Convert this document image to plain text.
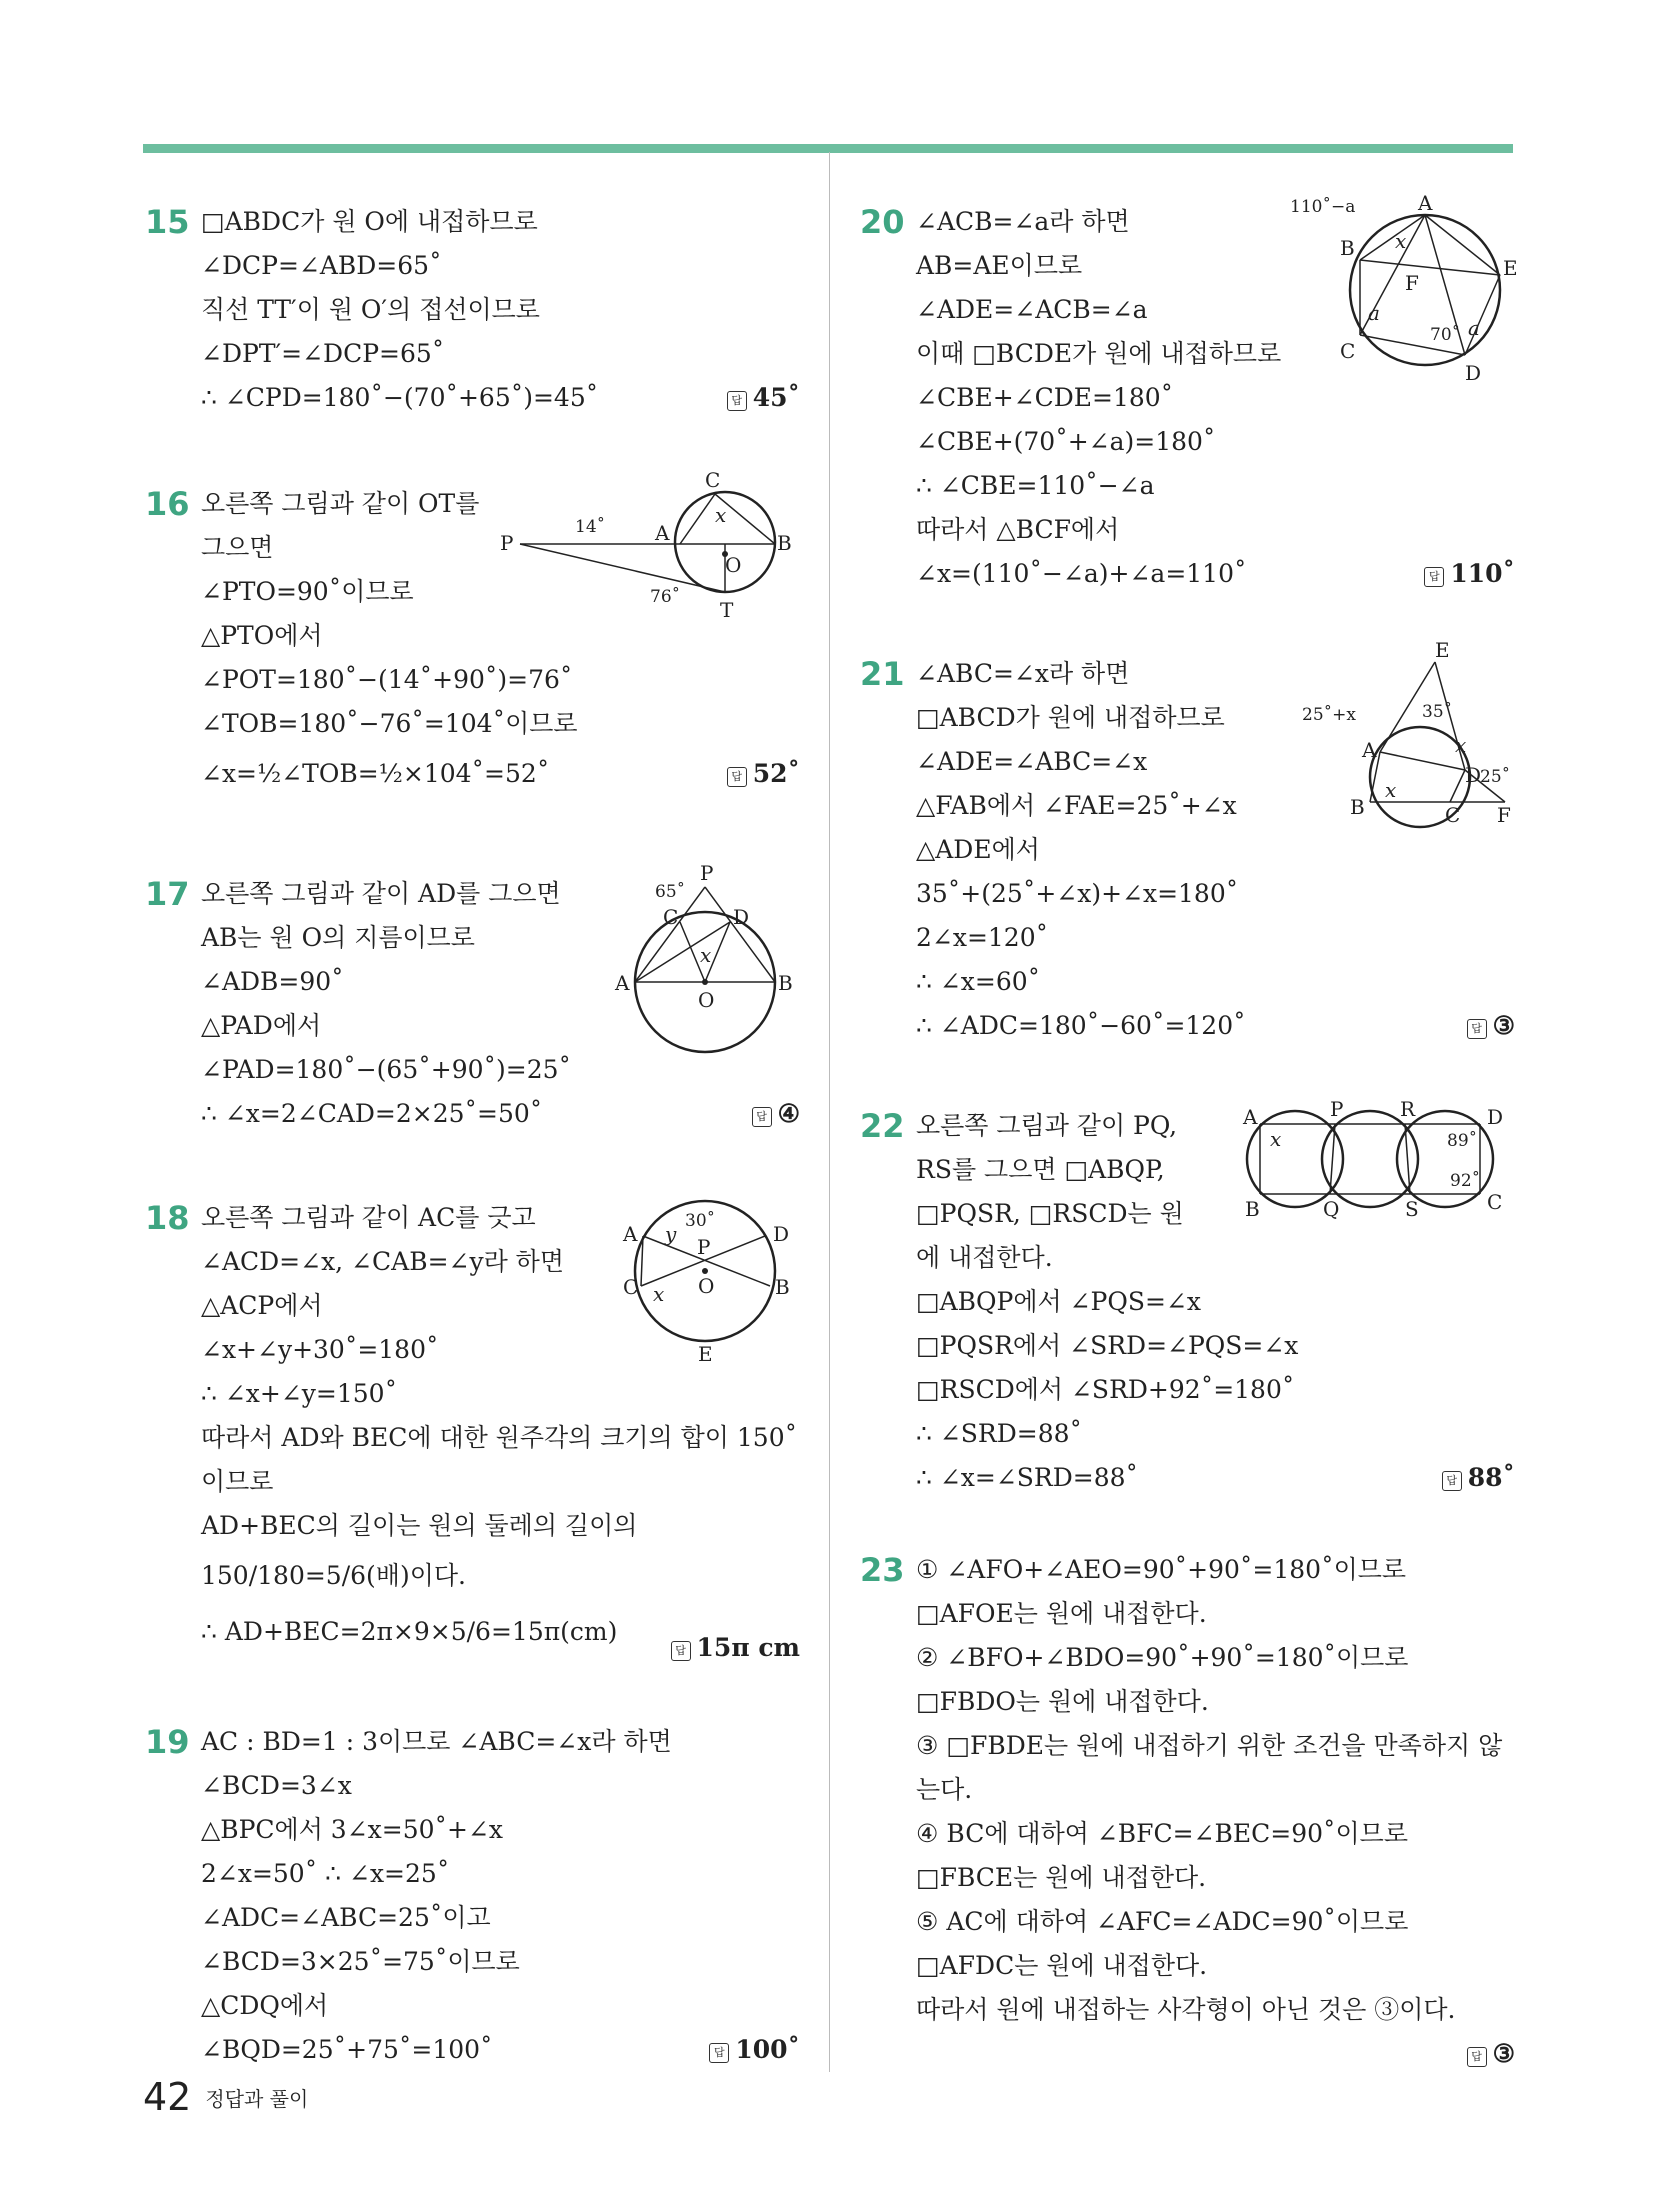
15 □ABDC가 원 O에 내접하므로
∠DCP=∠ABD=65˚
직선 TT′이 원 O′의 접선이므로
∠DPT′=∠DCP=65˚
∴ ∠CPD=180˚−(70˚+65˚)=45˚	답 45˚
16 오른쪽 그림과 같이 OT를
그으면
∠PTO=90˚이므로
△PTO에서
∠POT=180˚−(14˚+90˚)=76˚
∠TOB=180˚−76˚=104˚이므로
∠x=½∠TOB=½×104˚=52˚	답 52˚
P	A	B
C
O
T
x
14˚
76˚
17 오른쪽 그림과 같이 AD를 그으면
AB는 원 O의 지름이므로
∠ADB=90˚
△PAD에서
∠PAD=180˚−(65˚+90˚)=25˚
∴ ∠x=2∠CAD=2×25˚=50˚	답 ④
P
A	B
C	D
O
x
65˚
18 오른쪽 그림과 같이 AC를 긋고
∠ACD=∠x, ∠CAB=∠y라 하면
△ACP에서
∠x+∠y+30˚=180˚
∴ ∠x+∠y=150˚
따라서 AD와 BEC에 대한 원주각의 크기의 합이 150˚
이므로
AD+BEC의 길이는 원의 둘레의 길이의
150/180=5/6(배)이다.
∴ AD+BEC=2π×9×5/6=15π(cm)
답 15π cm
A
B
C
D
E
O
P
x
y
30˚
19 AC : BD=1 : 3이므로 ∠ABC=∠x라 하면
∠BCD=3∠x
△BPC에서 3∠x=50˚+∠x
2∠x=50˚ ∴ ∠x=25˚
∠ADC=∠ABC=25˚이고
∠BCD=3×25˚=75˚이므로
△CDQ에서
∠BQD=25˚+75˚=100˚	답 100˚
20 ∠ACB=∠a라 하면
AB=AE이므로
∠ADE=∠ACB=∠a
이때 □BCDE가 원에 내접하므로
∠CBE+∠CDE=180˚
∠CBE+(70˚+∠a)=180˚
∴ ∠CBE=110˚−∠a
따라서 △BCF에서
∠x=(110˚−∠a)+∠a=110˚	답 110˚
110˚−a	A
B
C
D
E
F
x
a
a
70˚
21 ∠ABC=∠x라 하면
□ABCD가 원에 내접하므로
∠ADE=∠ABC=∠x
△FAB에서 ∠FAE=25˚+∠x
△ADE에서
35˚+(25˚+∠x)+∠x=180˚
2∠x=120˚
∴ ∠x=60˚
∴ ∠ADC=180˚−60˚=120˚	답 ③
E
A
B	C
D
F
x
x
25˚+x	35˚
25˚
22 오른쪽 그림과 같이 PQ,
RS를 그으면 □ABQP,
□PQSR, □RSCD는 원
에 내접한다.
□ABQP에서 ∠PQS=∠x
□PQSR에서 ∠SRD=∠PQS=∠x
□RSCD에서 ∠SRD+92˚=180˚
∴ ∠SRD=88˚
∴ ∠x=∠SRD=88˚	답 88˚
A
B	C
D
P
Q
R
S
x	89˚
92˚
23 ① ∠AFO+∠AEO=90˚+90˚=180˚이므로
□AFOE는 원에 내접한다.
② ∠BFO+∠BDO=90˚+90˚=180˚이므로
□FBDO는 원에 내접한다.
③ □FBDE는 원에 내접하기 위한 조건을 만족하지 않
는다.
④ BC에 대하여 ∠BFC=∠BEC=90˚이므로
□FBCE는 원에 내접한다.
⑤ AC에 대하여 ∠AFC=∠ADC=90˚이므로
□AFDC는 원에 내접한다.
따라서 원에 내접하는 사각형이 아닌 것은 ③이다.
답 ③
42 정답과 풀이
